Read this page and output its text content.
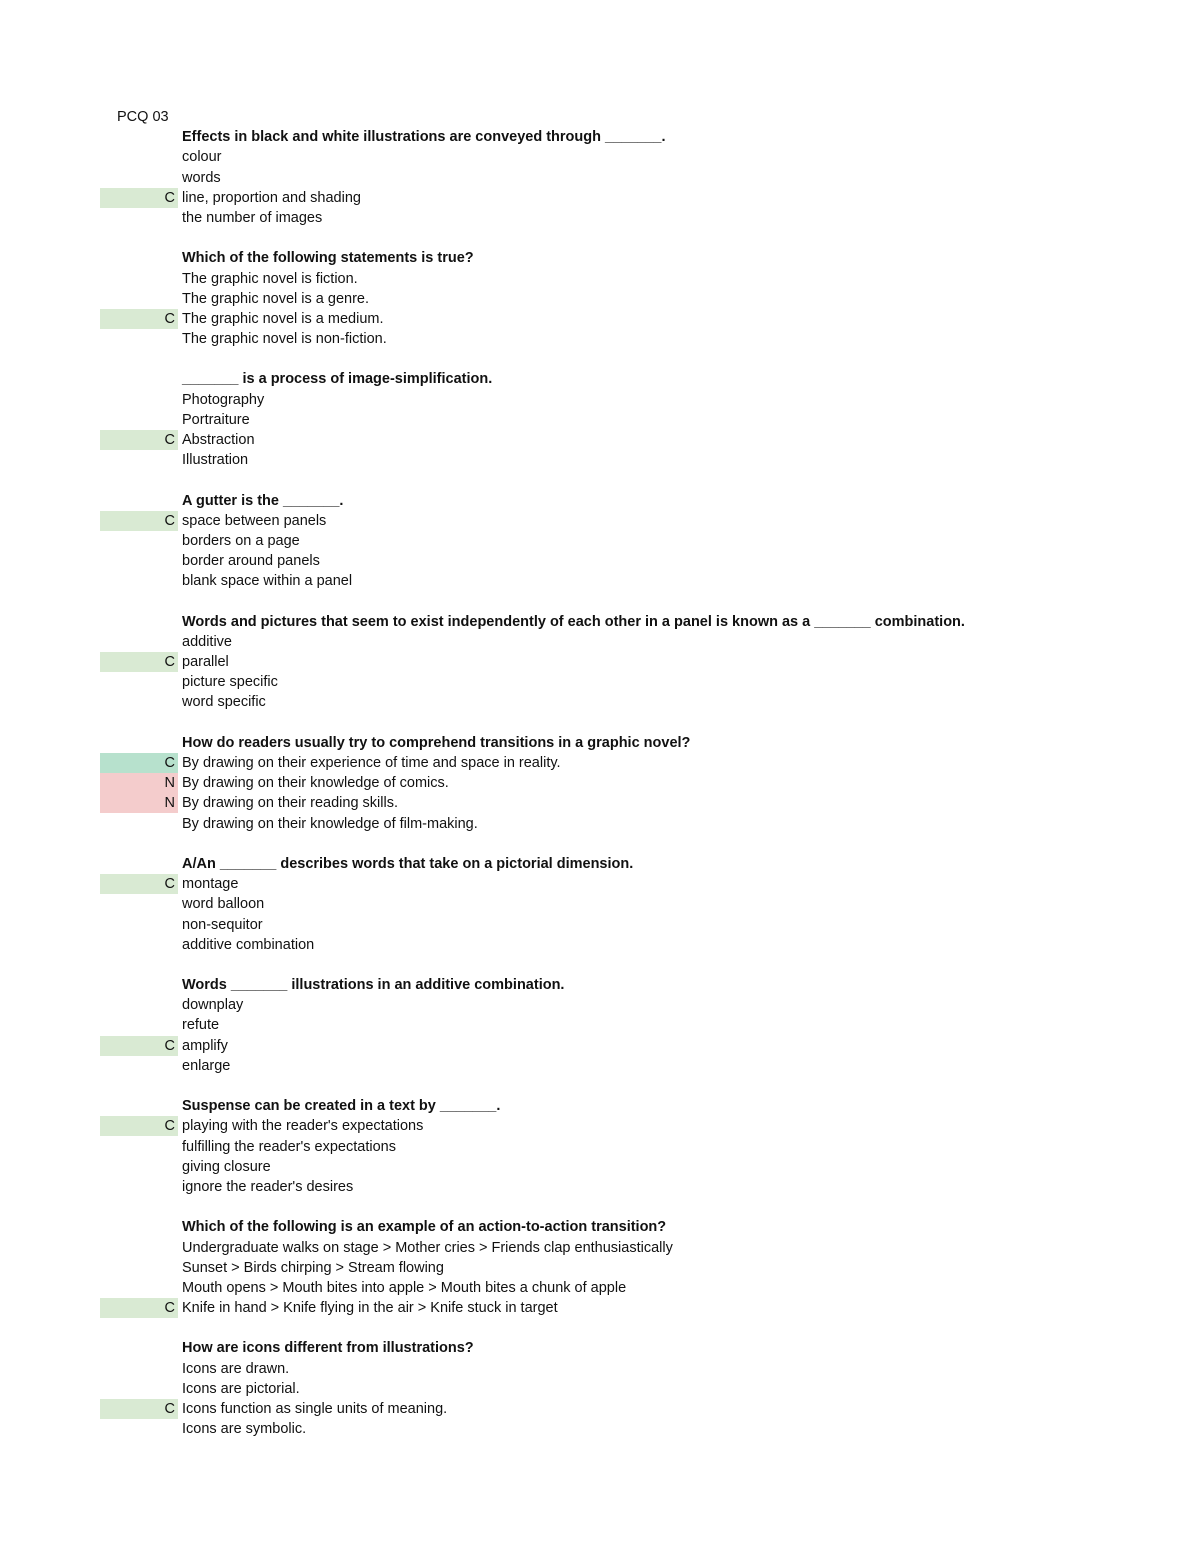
PCQ 03
Effects in black and white illustrations are conveyed through _______.
colour
words
C line, proportion and shading
the number of images
Which of the following statements is true?
The graphic novel is fiction.
The graphic novel is a genre.
C The graphic novel is a medium.
The graphic novel is non-fiction.
_______ is a process of image-simplification.
Photography
Portraiture
C Abstraction
Illustration
A gutter is the _______.
C space between panels
borders on a page
border around panels
blank space within a panel
Words and pictures that seem to exist independently of each other in a panel is known as a _______ combination.
additive
C parallel
picture specific
word specific
How do readers usually try to comprehend transitions in a graphic novel?
C By drawing on their experience of time and space in reality.
N By drawing on their knowledge of comics.
N By drawing on their reading skills.
By drawing on their knowledge of film-making.
A/An _______ describes words that take on a pictorial dimension.
C montage
word balloon
non-sequitor
additive combination
Words _______ illustrations in an additive combination.
downplay
refute
C amplify
enlarge
Suspense can be created in a text by _______.
C playing with the reader's expectations
fulfilling the reader's expectations
giving closure
ignore the reader's desires
Which of the following is an example of an action-to-action transition?
Undergraduate walks on stage > Mother cries > Friends clap enthusiastically
Sunset > Birds chirping > Stream flowing
Mouth opens > Mouth bites into apple > Mouth bites a chunk of apple
C Knife in hand > Knife flying in the air > Knife stuck in target
How are icons different from illustrations?
Icons are drawn.
Icons are pictorial.
C Icons function as single units of meaning.
Icons are symbolic.
